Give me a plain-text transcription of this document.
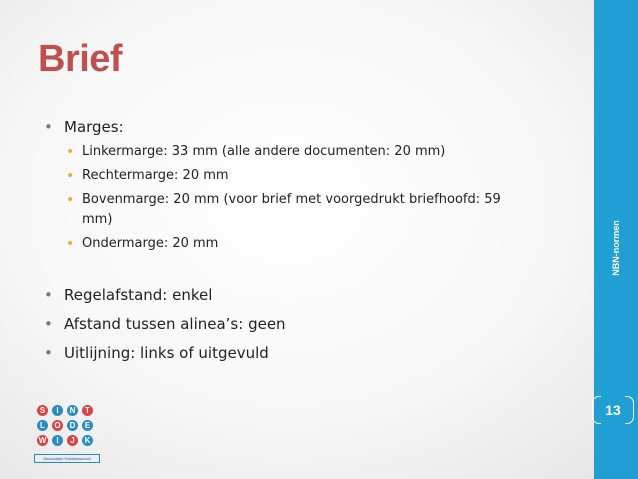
Brief
• Marges:
• Linkermarge: 33 mm (alle andere documenten: 20 mm)
• Rechtermarge: 20 mm
• Bovenmarge: 20 mm (voor brief met voorgedrukt briefhoofd: 59
mm)
• Ondermarge: 20 mm
• Regelafstand: enkel
• Afstand tussen alinea’s: geen
• Uitlijning: links of uitgevuld
NBN-normen
13
S	I	N	T
L	O	D	E
W	I	J	K
Secundaire Handelsschool
